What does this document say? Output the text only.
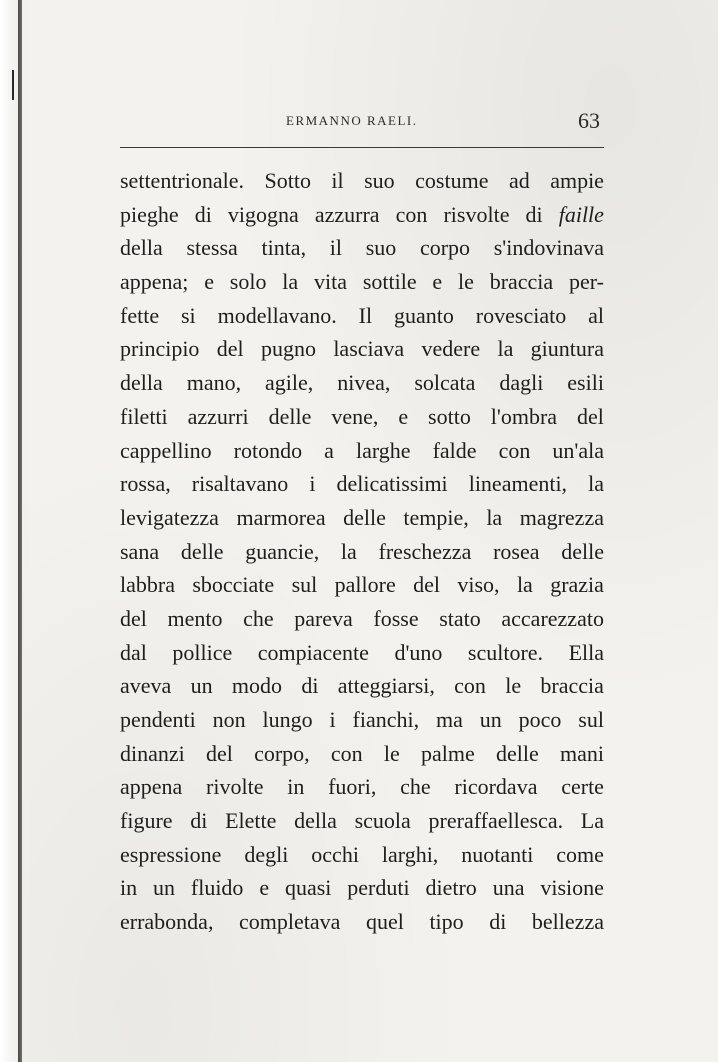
ERMANNO RAELI.	63
settentrionale. Sotto il suo costume ad ampie
pieghe di vigogna azzurra con risvolte di faille
della stessa tinta, il suo corpo s'indovinava
appena; e solo la vita sottile e le braccia per-
fette si modellavano. Il guanto rovesciato al
principio del pugno lasciava vedere la giuntura
della mano, agile, nivea, solcata dagli esili
filetti azzurri delle vene, e sotto l'ombra del
cappellino rotondo a larghe falde con un'ala
rossa, risaltavano i delicatissimi lineamenti, la
levigatezza marmorea delle tempie, la magrezza
sana delle guancie, la freschezza rosea delle
labbra sbocciate sul pallore del viso, la grazia
del mento che pareva fosse stato accarezzato
dal pollice compiacente d'uno scultore. Ella
aveva un modo di atteggiarsi, con le braccia
pendenti non lungo i fianchi, ma un poco sul
dinanzi del corpo, con le palme delle mani
appena rivolte in fuori, che ricordava certe
figure di Elette della scuola preraffaellesca. La
espressione degli occhi larghi, nuotanti come
in un fluido e quasi perduti dietro una visione
errabonda, completava quel tipo di bellezza
